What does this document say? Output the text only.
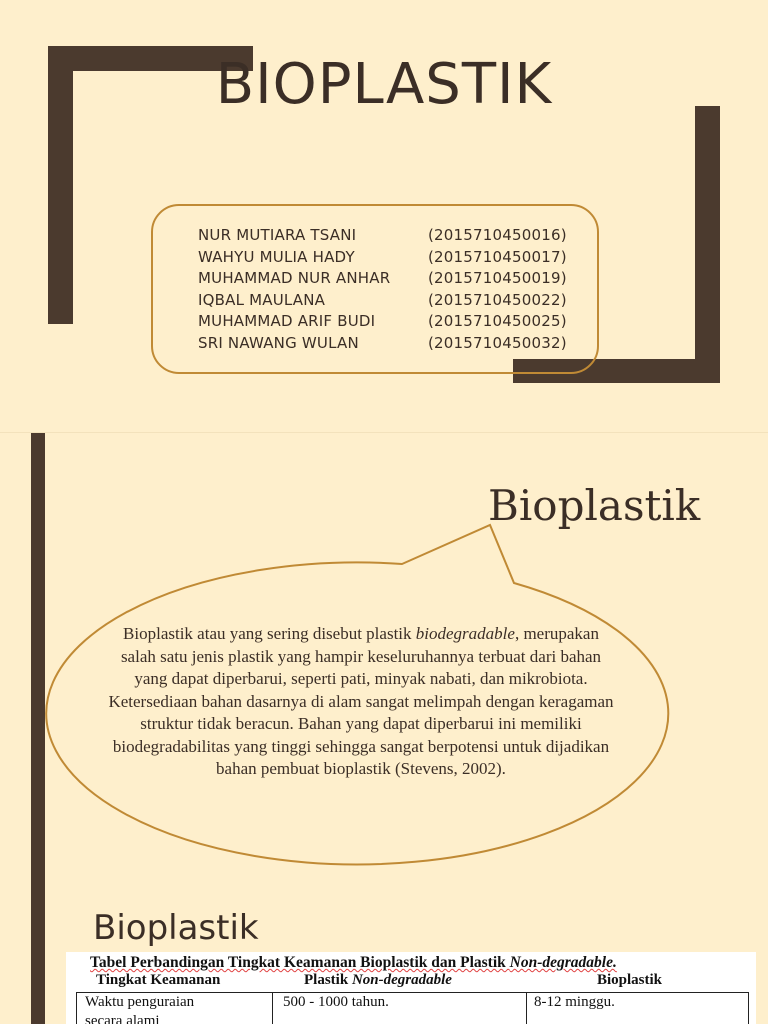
BIOPLASTIK
NUR MUTIARA TSANI	(2015710450016)
WAHYU MULIA HADY	(2015710450017)
MUHAMMAD NUR ANHAR	(2015710450019)
IQBAL MAULANA	(2015710450022)
MUHAMMAD ARIF BUDI	(2015710450025)
SRI NAWANG WULAN	(2015710450032)
Bioplastik
Bioplastik atau yang sering disebut plastik biodegradable, merupakan salah satu jenis plastik yang hampir keseluruhannya terbuat dari bahan yang dapat diperbarui, seperti pati, minyak nabati, dan mikrobiota. Ketersediaan bahan dasarnya di alam sangat melimpah dengan keragaman struktur tidak beracun. Bahan yang dapat diperbarui ini memiliki biodegradabilitas yang tinggi sehingga sangat berpotensi untuk dijadikan bahan pembuat bioplastik (Stevens, 2002).
Bioplastik
Tabel Perbandingan Tingkat Keamanan Bioplastik dan Plastik Non-degradable.
Tingkat Keamanan	Plastik Non-degradable	Bioplastik
Waktu penguraian	500 - 1000 tahun.	8-12 minggu.
secara alami
